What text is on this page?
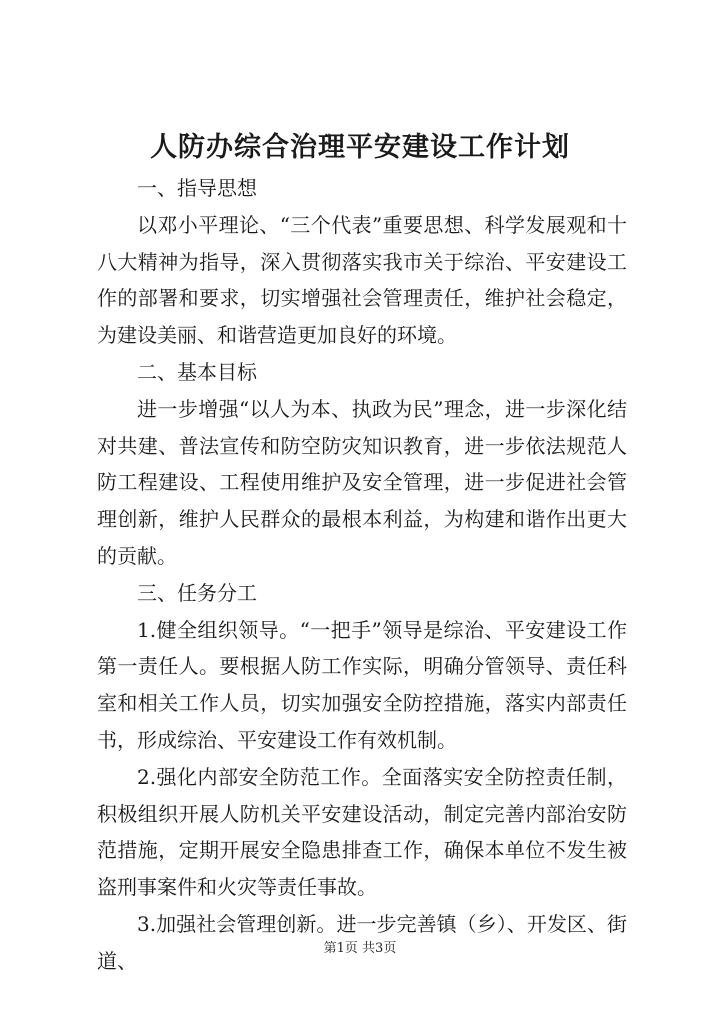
人防办综合治理平安建设工作计划

一、指导思想

以邓小平理论、“三个代表”重要思想、科学发展观和十八大精神为指导，深入贯彻落实我市关于综治、平安建设工作的部署和要求，切实增强社会管理责任，维护社会稳定，为建设美丽、和谐营造更加良好的环境。

二、基本目标

进一步增强“以人为本、执政为民”理念，进一步深化结对共建、普法宣传和防空防灾知识教育，进一步依法规范人防工程建设、工程使用维护及安全管理，进一步促进社会管理创新，维护人民群众的最根本利益，为构建和谐作出更大的贡献。

三、任务分工

1.健全组织领导。“一把手”领导是综治、平安建设工作第一责任人。要根据人防工作实际，明确分管领导、责任科室和相关工作人员，切实加强安全防控措施，落实内部责任书，形成综治、平安建设工作有效机制。

2.强化内部安全防范工作。全面落实安全防控责任制，积极组织开展人防机关平安建设活动，制定完善内部治安防范措施，定期开展安全隐患排查工作，确保本单位不发生被盗刑事案件和火灾等责任事故。

3.加强社会管理创新。进一步完善镇（乡）、开发区、街道、

第1页 共3页
